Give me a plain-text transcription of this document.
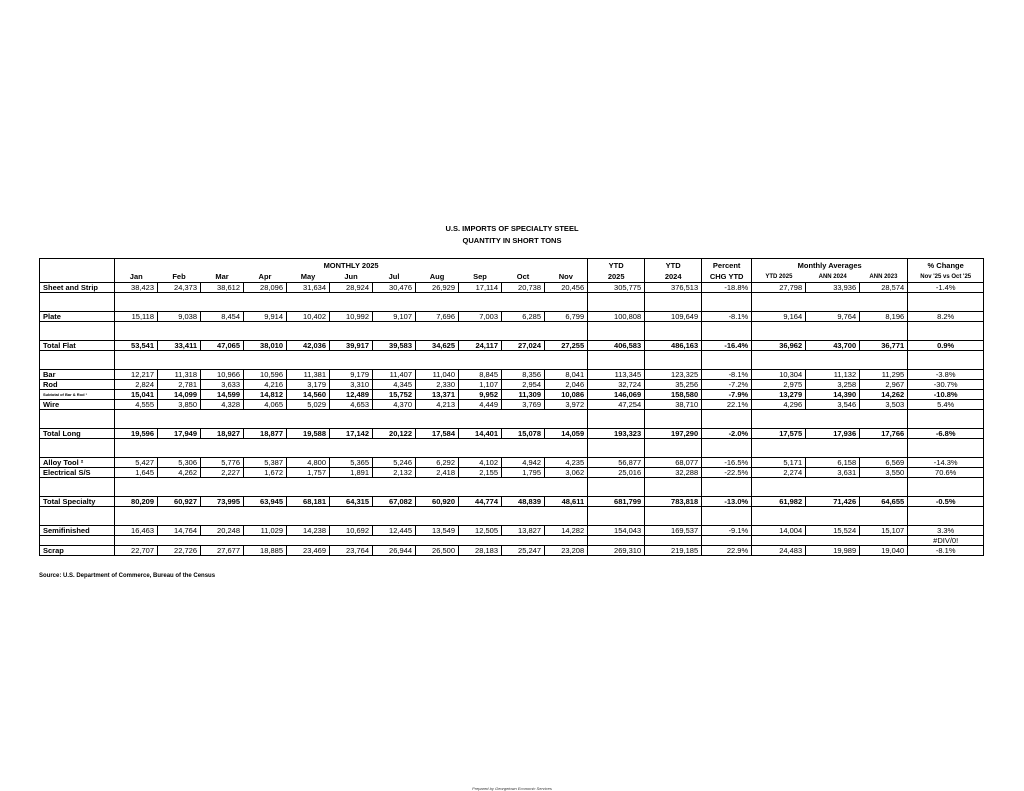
U.S. IMPORTS OF SPECIALTY STEEL
QUANTITY IN SHORT TONS
	MONTHLY 2025											YTD	YTD	Percent	Monthly Averages			% Change
	Jan	Feb	Mar	Apr	May	Jun	Jul	Aug	Sep	Oct	Nov	2025	2024	CHG YTD	YTD 2025	ANN 2024	ANN 2023	Nov '25 vs Oct '25
Sheet and Strip	38,423	24,373	38,612	28,096	31,634	28,924	30,476	26,929	17,114	20,738	20,456	305,775	376,513	-18.8%	27,798	33,936	28,574	-1.4%

Plate	15,118	9,038	8,454	9,914	10,402	10,992	9,107	7,696	7,003	6,285	6,799	100,808	109,649	-8.1%	9,164	9,764	8,196	8.2%

Total Flat	53,541	33,411	47,065	38,010	42,036	39,917	39,583	34,625	24,117	27,024	27,255	406,583	486,163	-16.4%	36,962	43,700	36,771	0.9%

Bar	12,217	11,318	10,966	10,596	11,381	9,179	11,407	11,040	8,845	8,356	8,041	113,345	123,325	-8.1%	10,304	11,132	11,295	-3.8%
Rod	2,824	2,781	3,633	4,216	3,179	3,310	4,345	2,330	1,107	2,954	2,046	32,724	35,256	-7.2%	2,975	3,258	2,967	-30.7%
Subtotal of Bar & Rod ¹	15,041	14,099	14,599	14,812	14,560	12,489	15,752	13,371	9,952	11,309	10,086	146,069	158,580	-7.9%	13,279	14,390	14,262	-10.8%
Wire	4,555	3,850	4,328	4,065	5,029	4,653	4,370	4,213	4,449	3,769	3,972	47,254	38,710	22.1%	4,296	3,546	3,503	5.4%

Total Long	19,596	17,949	18,927	18,877	19,588	17,142	20,122	17,584	14,401	15,078	14,059	193,323	197,290	-2.0%	17,575	17,936	17,766	-6.8%

Alloy Tool ²	5,427	5,306	5,776	5,387	4,800	5,365	5,246	6,292	4,102	4,942	4,235	56,877	68,077	-16.5%	5,171	6,158	6,569	-14.3%
Electrical S/S	1,645	4,262	2,227	1,672	1,757	1,891	2,132	2,418	2,155	1,795	3,062	25,016	32,288	-22.5%	2,274	3,631	3,550	70.6%

Total Specialty	80,209	60,927	73,995	63,945	68,181	64,315	67,082	60,920	44,774	48,839	48,611	681,799	783,818	-13.0%	61,982	71,426	64,655	-0.5%

Semifinished	16,463	14,764	20,248	11,029	14,238	10,692	12,445	13,549	12,505	13,827	14,282	154,043	169,537	-9.1%	14,004	15,524	15,107	3.3%
																		#DIV/0!
Scrap	22,707	22,726	27,677	18,885	23,469	23,764	26,944	26,500	28,183	25,247	23,208	269,310	219,185	22.9%	24,483	19,989	19,040	-8.1%
Source: U.S. Department of Commerce, Bureau of the Census
Prepared by Georgetown Economic Services
